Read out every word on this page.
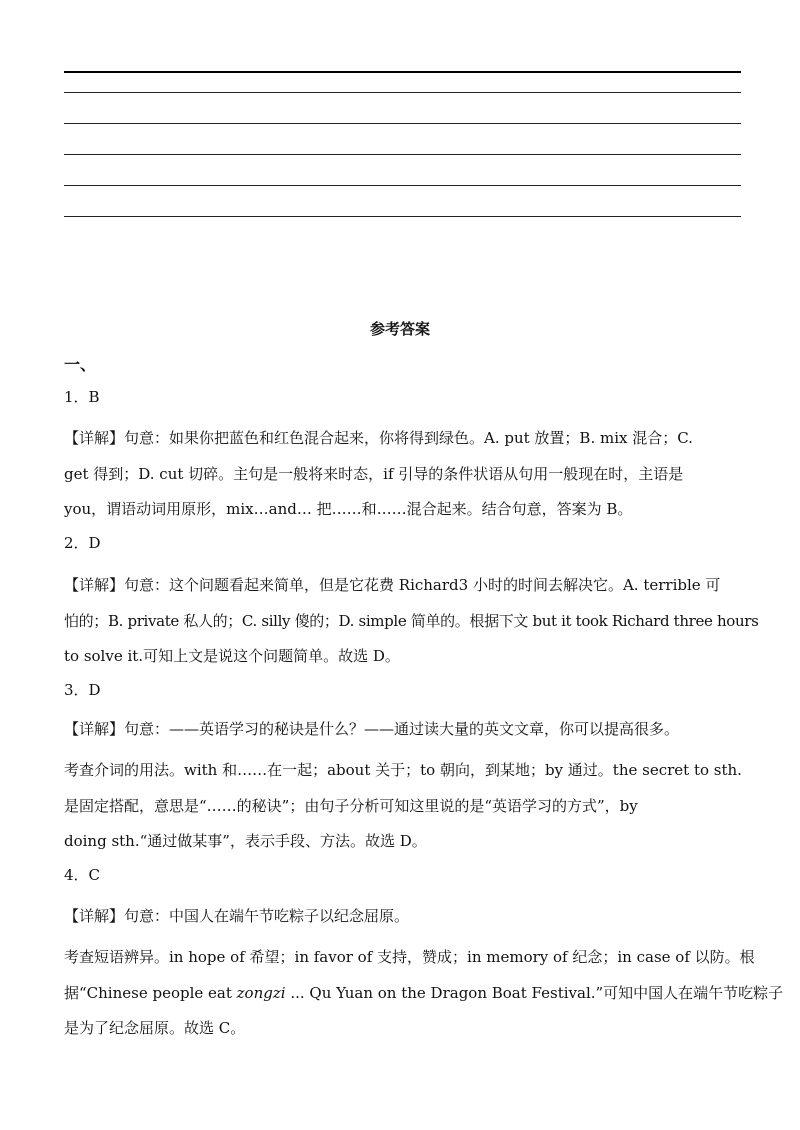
参考答案
一、
1．B
【详解】句意：如果你把蓝色和红色混合起来，你将得到绿色。A. put 放置；B. mix 混合；C.
get 得到；D. cut 切碎。主句是一般将来时态，if 引导的条件状语从句用一般现在时，主语是
you，谓语动词用原形，mix…and… 把……和……混合起来。结合句意，答案为 B。
2．D
【详解】句意：这个问题看起来简单，但是它花费 Richard3 小时的时间去解决它。A. terrible 可
怕的；B. private 私人的；C. silly 傻的；D. simple 简单的。根据下文 but it took Richard three hours
to solve it.可知上文是说这个问题简单。故选 D。
3．D
【详解】句意：——英语学习的秘诀是什么？——通过读大量的英文文章，你可以提高很多。
考查介词的用法。with 和……在一起；about 关于；to 朝向，到某地；by 通过。the secret to sth.
是固定搭配，意思是“……的秘诀”；由句子分析可知这里说的是“英语学习的方式”，by
doing sth.“通过做某事”，表示手段、方法。故选 D。
4．C
【详解】句意：中国人在端午节吃粽子以纪念屈原。
考查短语辨异。in hope of 希望；in favor of 支持，赞成；in memory of 纪念；in case of 以防。根
据“Chinese people eat zongzi ... Qu Yuan on the Dragon Boat Festival.”可知中国人在端午节吃粽子
是为了纪念屈原。故选 C。
